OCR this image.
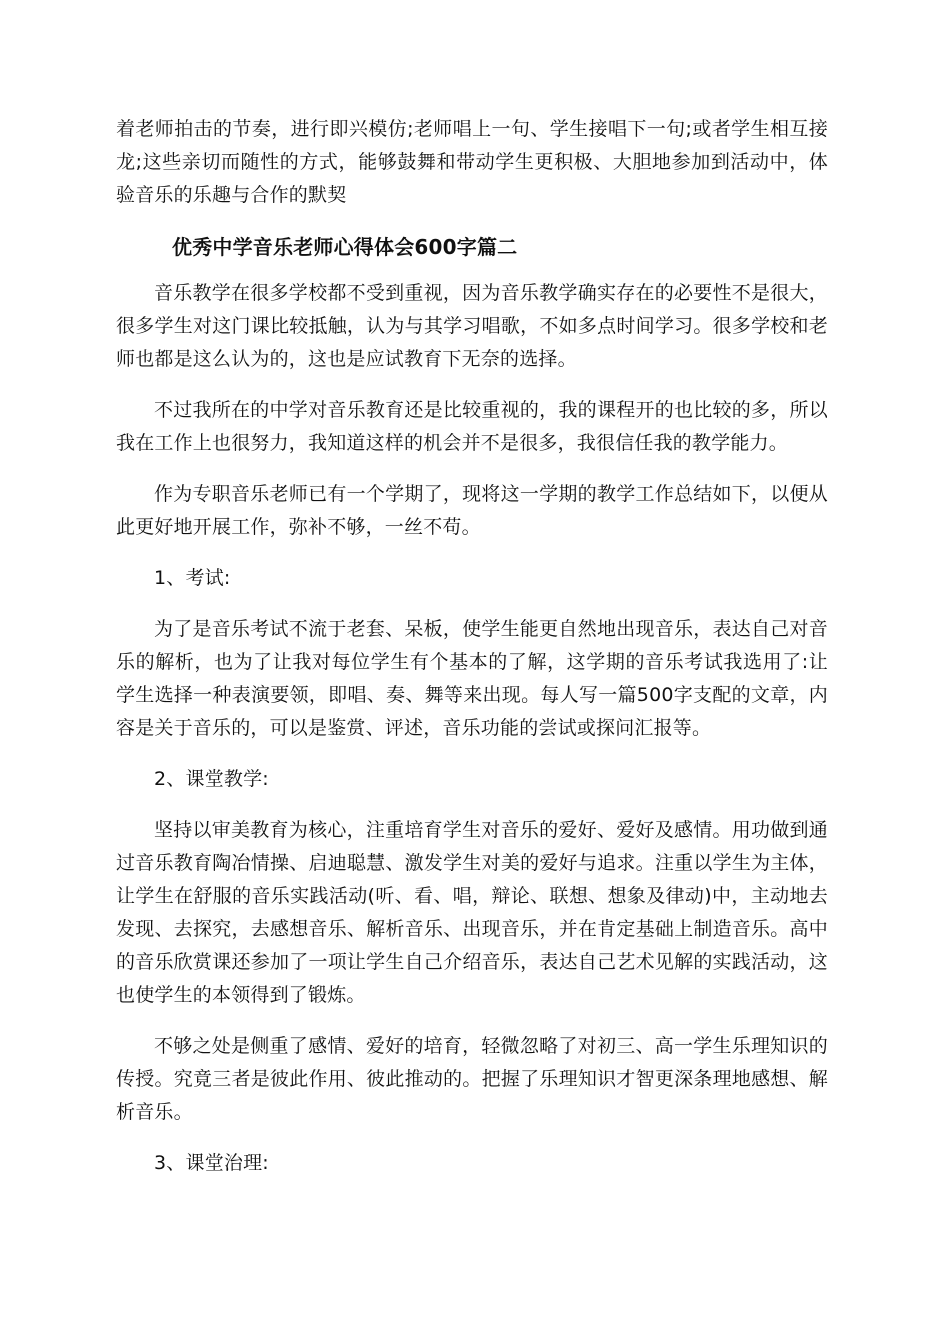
着老师拍击的节奏，进行即兴模仿;老师唱上一句、学生接唱下一句;或者学生相互接龙;这些亲切而随性的方式，能够鼓舞和带动学生更积极、大胆地参加到活动中，体验音乐的乐趣与合作的默契

优秀中学音乐老师心得体会600字篇二

音乐教学在很多学校都不受到重视，因为音乐教学确实存在的必要性不是很大，很多学生对这门课比较抵触，认为与其学习唱歌，不如多点时间学习。很多学校和老师也都是这么认为的，这也是应试教育下无奈的选择。

不过我所在的中学对音乐教育还是比较重视的，我的课程开的也比较的多，所以我在工作上也很努力，我知道这样的机会并不是很多，我很信任我的教学能力。

作为专职音乐老师已有一个学期了，现将这一学期的教学工作总结如下，以便从此更好地开展工作，弥补不够，一丝不苟。

1、考试:

为了是音乐考试不流于老套、呆板，使学生能更自然地出现音乐，表达自己对音乐的解析，也为了让我对每位学生有个基本的了解，这学期的音乐考试我选用了:让学生选择一种表演要领，即唱、奏、舞等来出现。每人写一篇500字支配的文章，内容是关于音乐的，可以是鉴赏、评述，音乐功能的尝试或探问汇报等。

2、课堂教学:

坚持以审美教育为核心，注重培育学生对音乐的爱好、爱好及感情。用功做到通过音乐教育陶冶情操、启迪聪慧、激发学生对美的爱好与追求。注重以学生为主体，让学生在舒服的音乐实践活动(听、看、唱，辩论、联想、想象及律动)中，主动地去发现、去探究，去感想音乐、解析音乐、出现音乐，并在肯定基础上制造音乐。高中的音乐欣赏课还参加了一项让学生自己介绍音乐，表达自己艺术见解的实践活动，这也使学生的本领得到了锻炼。

不够之处是侧重了感情、爱好的培育，轻微忽略了对初三、高一学生乐理知识的传授。究竟三者是彼此作用、彼此推动的。把握了乐理知识才智更深条理地感想、解析音乐。

3、课堂治理:
